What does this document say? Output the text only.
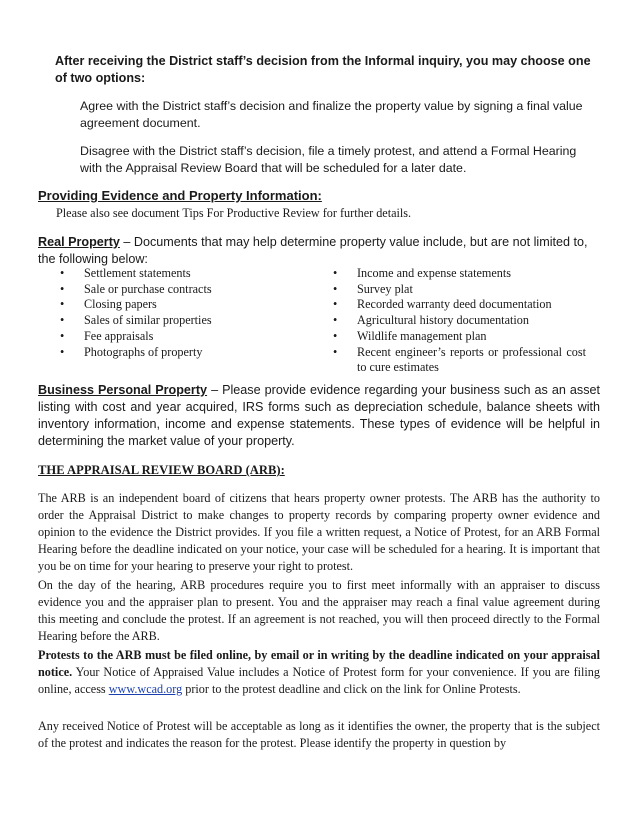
After receiving the District staff’s decision from the Informal inquiry, you may choose one of two options:

Agree with the District staff’s decision and finalize the property value by signing a final value agreement document.

Disagree with the District staff’s decision, file a timely protest, and attend a Formal Hearing with the Appraisal Review Board that will be scheduled for a later date.

Providing Evidence and Property Information:

Please also see document Tips For Productive Review for further details.

Real Property – Documents that may help determine property value include, but are not limited to, the following below:

• Settlement statements
• Sale or purchase contracts
• Closing papers
• Sales of similar properties
• Fee appraisals
• Photographs of property
• Income and expense statements
• Survey plat
• Recorded warranty deed documentation
• Agricultural history documentation
• Wildlife management plan
• Recent engineer’s reports or professional cost to cure estimates

Business Personal Property – Please provide evidence regarding your business such as an asset listing with cost and year acquired, IRS forms such as depreciation schedule, balance sheets with inventory information, income and expense statements. These types of evidence will be helpful in determining the market value of your property.

THE APPRAISAL REVIEW BOARD (ARB):

The ARB is an independent board of citizens that hears property owner protests. The ARB has the authority to order the Appraisal District to make changes to property records by comparing property owner evidence and opinion to the evidence the District provides. If you file a written request, a Notice of Protest, for an ARB Formal Hearing before the deadline indicated on your notice, your case will be scheduled for a hearing. It is important that you be on time for your hearing to preserve your right to protest.

On the day of the hearing, ARB procedures require you to first meet informally with an appraiser to discuss evidence you and the appraiser plan to present. You and the appraiser may reach a final value agreement during this meeting and conclude the protest. If an agreement is not reached, you will then proceed directly to the Formal Hearing before the ARB.

Protests to the ARB must be filed online, by email or in writing by the deadline indicated on your appraisal notice. Your Notice of Appraised Value includes a Notice of Protest form for your convenience. If you are filing online, access www.wcad.org prior to the protest deadline and click on the link for Online Protests.

Any received Notice of Protest will be acceptable as long as it identifies the owner, the property that is the subject of the protest and indicates the reason for the protest. Please identify the property in question by
